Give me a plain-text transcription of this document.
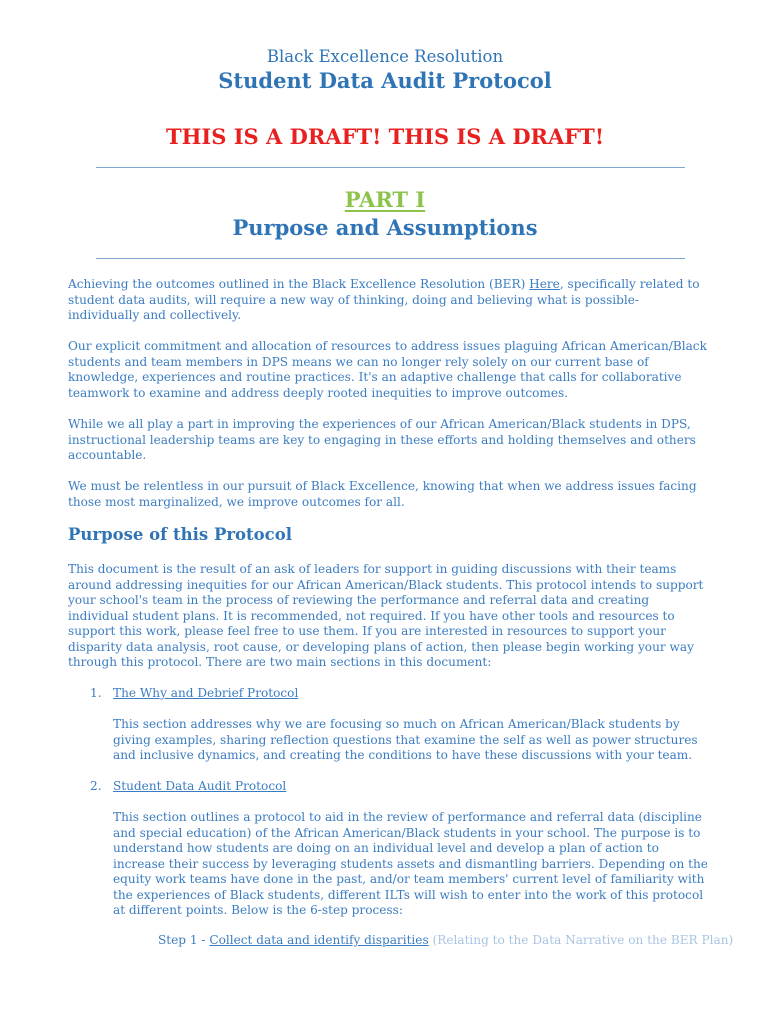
Black Excellence Resolution
Student Data Audit Protocol
THIS IS A DRAFT! THIS IS A DRAFT!
PART I
Purpose and Assumptions
Achieving the outcomes outlined in the Black Excellence Resolution (BER) Here, specifically related to student data audits, will require a new way of thinking, doing and believing what is possible- individually and collectively.
Our explicit commitment and allocation of resources to address issues plaguing African American/Black students and team members in DPS means we can no longer rely solely on our current base of knowledge, experiences and routine practices. It's an adaptive challenge that calls for collaborative teamwork to examine and address deeply rooted inequities to improve outcomes.
While we all play a part in improving the experiences of our African American/Black students in DPS, instructional leadership teams are key to engaging in these efforts and holding themselves and others accountable.
We must be relentless in our pursuit of Black Excellence, knowing that when we address issues facing those most marginalized, we improve outcomes for all.
Purpose of this Protocol
This document is the result of an ask of leaders for support in guiding discussions with their teams around addressing inequities for our African American/Black students. This protocol intends to support your school's team in the process of reviewing the performance and referral data and creating individual student plans. It is recommended, not required. If you have other tools and resources to support this work, please feel free to use them. If you are interested in resources to support your disparity data analysis, root cause, or developing plans of action, then please begin working your way through this protocol. There are two main sections in this document:
1. The Why and Debrief Protocol
This section addresses why we are focusing so much on African American/Black students by giving examples, sharing reflection questions that examine the self as well as power structures and inclusive dynamics, and creating the conditions to have these discussions with your team.
2. Student Data Audit Protocol
This section outlines a protocol to aid in the review of performance and referral data (discipline and special education) of the African American/Black students in your school. The purpose is to understand how students are doing on an individual level and develop a plan of action to increase their success by leveraging students assets and dismantling barriers. Depending on the equity work teams have done in the past, and/or team members' current level of familiarity with the experiences of Black students, different ILTs will wish to enter into the work of this protocol at different points. Below is the 6-step process:
Step 1 - Collect data and identify disparities (Relating to the Data Narrative on the BER Plan)
